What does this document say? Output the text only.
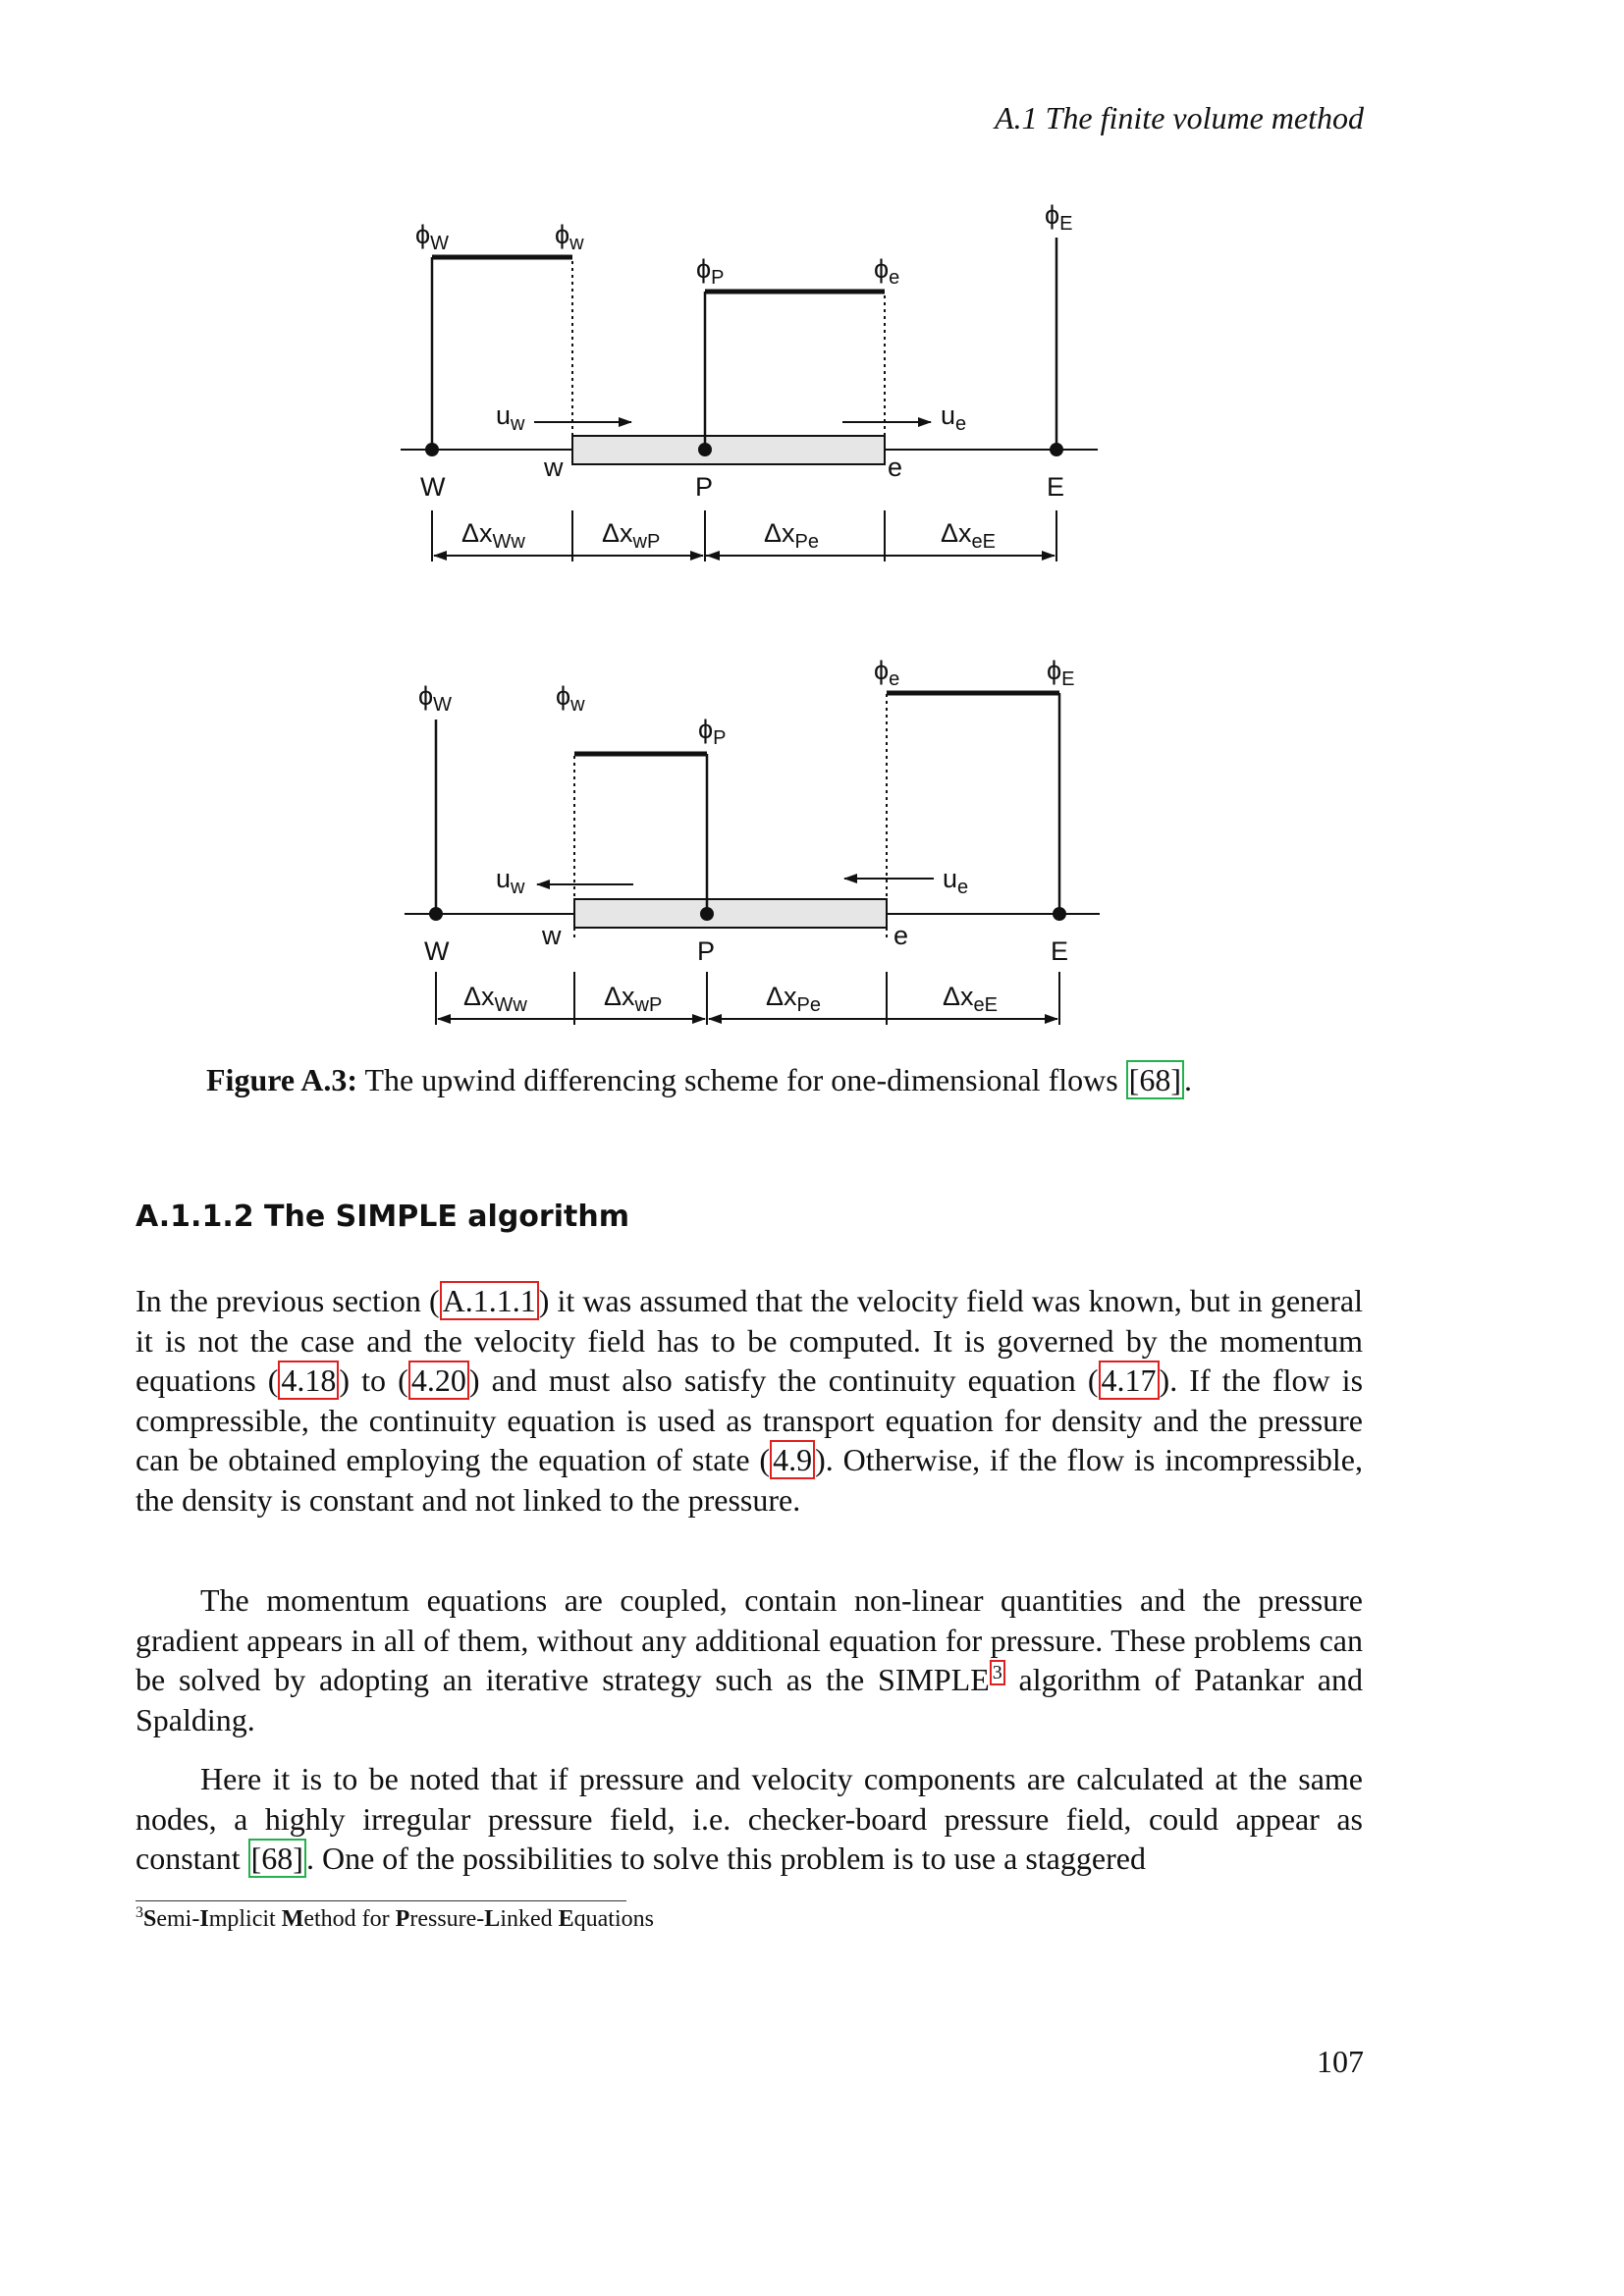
A.1 The finite volume method
$\phi_W$	$\phi_w$
$\phi_P$	$\phi_e$
$\phi_E$
$u_w$	$u_e$
W
w
P
e
E
$\Delta x_{Ww}$	$\Delta x_{wP}$	$\Delta x_{Pe}$	$\Delta x_{eE}$
$\phi_W$	$\phi_w$
$\phi_P$
$\phi_e$	$\phi_E$
$u_w$	$u_e$
W
w
P
e
E
$\Delta x_{Ww}$	$\Delta x_{wP}$	$\Delta x_{Pe}$	$\Delta x_{eE}$
Figure A.3: The upwind differencing scheme for one-dimensional flows [68].
A.1.1.2 The SIMPLE algorithm
In the previous section (A.1.1.1) it was assumed that the velocity field was known, but in general it is not the case and the velocity field has to be computed. It is governed by the momentum equations (4.18) to (4.20) and must also satisfy the continuity equation (4.17). If the flow is compressible, the continuity equation is used as transport equation for density and the pressure can be obtained employing the equation of state (4.9). Otherwise, if the flow is incompressible, the density is constant and not linked to the pressure.
The momentum equations are coupled, contain non-linear quantities and the pressure gradient appears in all of them, without any additional equation for pressure. These problems can be solved by adopting an iterative strategy such as the SIMPLE $^3$ algorithm of Patankar and Spalding.
Here it is to be noted that if pressure and velocity components are calculated at the same nodes, a highly irregular pressure field, i.e. checker-board pressure field, could appear as constant [68]. One of the possibilities to solve this problem is to use a staggered
$^3$Semi-Implicit Method for Pressure-Linked Equations
107
